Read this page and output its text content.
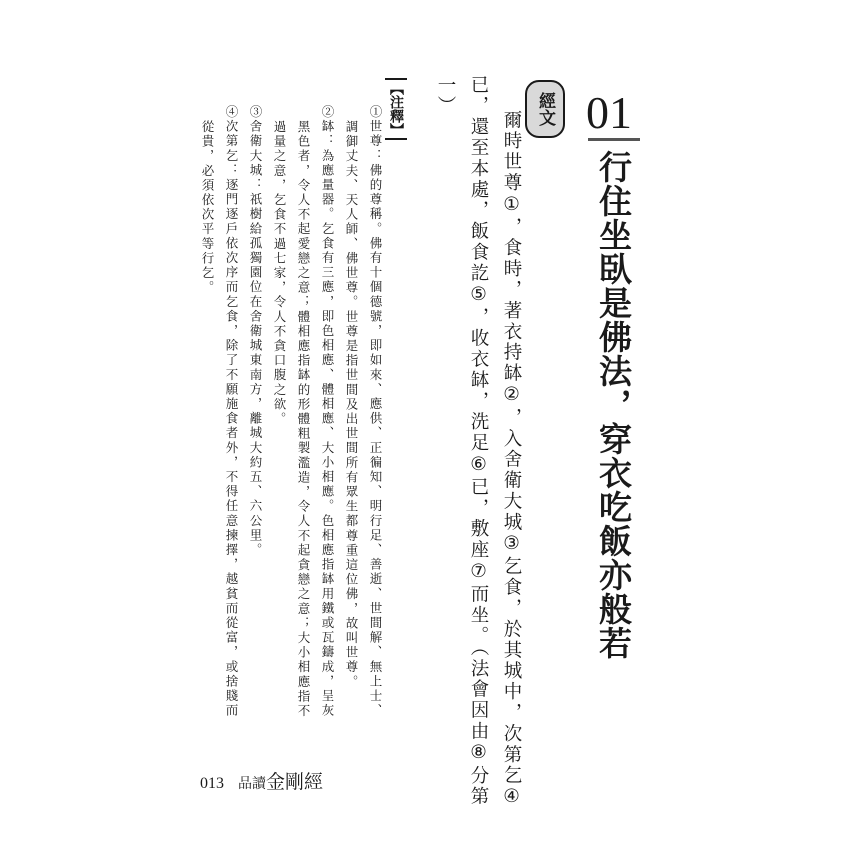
01
行住坐臥是佛法，穿衣吃飯亦般若
經文
爾時世尊①，食時，著衣持缽②，入舍衛大城③乞食，於其城中，次第乞④
已，還至本處，飯食訖⑤，收衣缽，洗足⑥已，敷座⑦而坐。（法會因由⑧分第
一）
【注釋】
①世尊：佛的尊稱。佛有十個德號，即如來、應供、正徧知、明行足、善逝、世間解、無上士、
調御丈夫、天人師、佛世尊。世尊是指世間及出世間所有眾生都尊重這位佛，故叫世尊。
②缽：為應量器。乞食有三應，即色相應、體相應、大小相應。色相應指缽用鐵或瓦鑄成，呈灰
黑色者，令人不起愛戀之意；體相應指缽的形體粗製濫造，令人不起貪戀之意；大小相應指不
過量之意，乞食不過七家，令人不貪口腹之欲。
③舍衛大城：祇樹給孤獨園位在舍衛城東南方，離城大約五、六公里。
④次第乞：逐門逐戶依次序而乞食，除了不願施食者外，不得任意揀擇，越貧而從富，或捨賤而
從貴，必須依次平等行乞。
013 品讀金剛經
